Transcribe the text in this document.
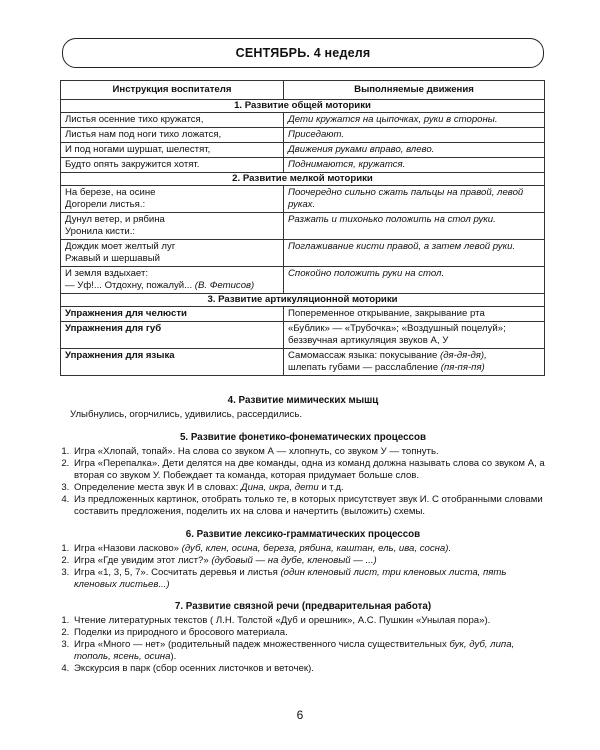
СЕНТЯБРЬ. 4 неделя
Инструкция воспитателя	Выполняемые движения
1. Развитие общей моторики	
Листья осенние тихо кружатся,	Дети кружатся на цыпочках, руки в стороны.
Листья нам под ноги тихо ложатся,	Приседают.
И под ногами шуршат, шелестят,	Движения руками вправо, влево.
Будто опять закружится хотят.	Поднимаются, кружатся.
2. Развитие мелкой моторики	
На березе, на осине
Догорели листья.:	Поочередно сильно сжать пальцы на правой, левой руках.
Дунул ветер, и рябина
Уронила кисти.:	Разжать и тихонько положить на стол руки.
Дождик моет желтый луг
Ржавый и шершавый	Поглаживание кисти правой, а затем левой руки.
И земля вздыхает:
— Уф!... Отдохну, пожалуй... (В. Фетисов)	Спокойно положить руки на стол.
3. Развитие артикуляционной моторики	
Упражнения для челюсти	Попеременное открывание, закрывание рта
Упражнения для губ	«Бублик» — «Трубочка»; «Воздушный поцелуй»; беззвучная артикуляция звуков А, У
Упражнения для языка	Самомассаж языка: покусывание (дя-дя-дя),
шлепать губами — расслабление (пя-пя-пя)
4. Развитие мимических мышц
Улыбнулись, огорчились, удивились, рассердились.
5. Развитие фонетико-фонематических процессов
1. Игра «Хлопай, топай». На слова со звуком А — хлопнуть, со звуком У — топнуть.
2. Игра «Перепалка». Дети делятся на две команды, одна из команд должна называть слова со звуком А, а вторая со звуком У. Побеждает та команда, которая придумает больше слов.
3. Определение места звук И в словах: Дина, икра, дети и т.д.
4. Из предложенных картинок, отобрать только те, в которых присутствует звук И. С отобранными словами составить предложения, поделить их на слова и начертить (выложить) схемы.
6. Развитие лексико-грамматических процессов
1. Игра «Назови ласково» (дуб, клен, осина, береза, рябина, каштан, ель, ива, сосна).
2. Игра «Где увидим этот лист?» (дубовый — на дубе, кленовый — ...)
3. Игра «1, 3, 5, 7». Сосчитать деревья и листья (один кленовый лист, три кленовых листа, пять кленовых листьев...)
7. Развитие связной речи (предварительная работа)
1. Чтение литературных текстов ( Л.Н. Толстой «Дуб и орешник», А.С. Пушкин «Унылая пора»).
2. Поделки из природного и бросового материала.
3. Игра «Много — нет» (родительный падеж множественного числа существительных бук, дуб, липа, тополь, ясень, осина).
4. Экскурсия в парк (сбор осенних листочков и веточек).
6
